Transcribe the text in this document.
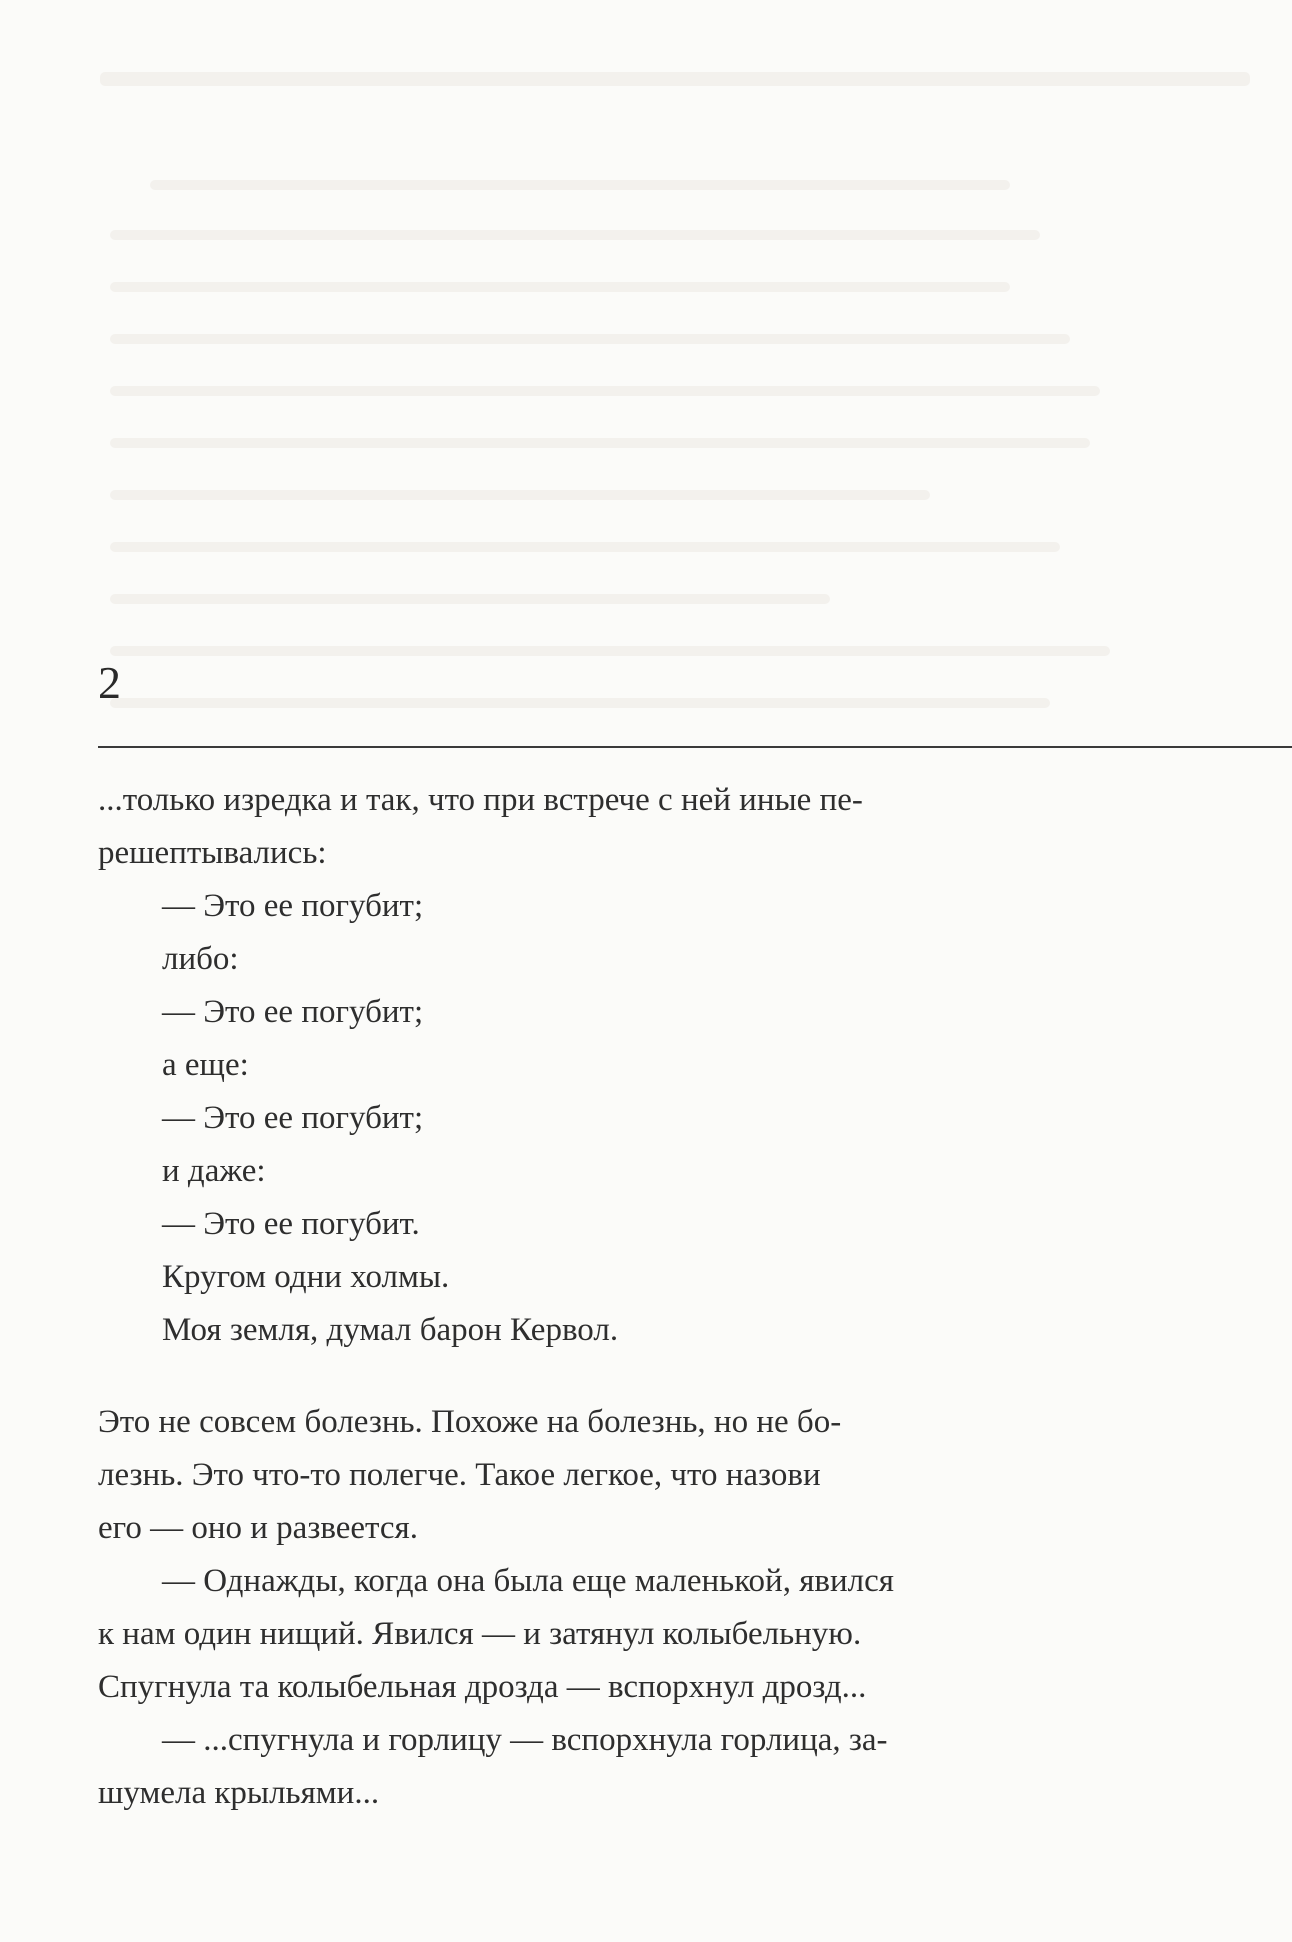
2
...только изредка и так, что при встрече с ней иные пе-
решептывались:
— Это ее погубит;
либо:
— Это ее погубит;
а еще:
— Это ее погубит;
и даже:
— Это ее погубит.
Кругом одни холмы.
Моя земля, думал барон Кервол.
Это не совсем болезнь. Похоже на болезнь, но не бо-
лезнь. Это что-то полегче. Такое легкое, что назови
его — оно и развеется.
— Однажды, когда она была еще маленькой, явился
к нам один нищий. Явился — и затянул колыбельную.
Спугнула та колыбельная дрозда — вспорхнул дрозд...
— ...спугнула и горлицу — вспорхнула горлица, за-
шумела крыльями...
